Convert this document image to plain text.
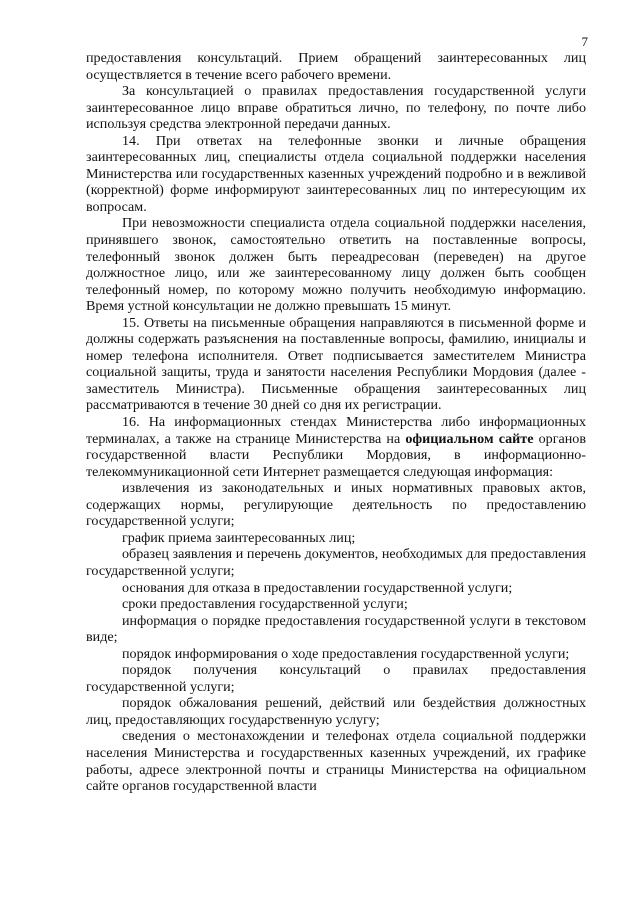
7

предоставления консультаций. Прием обращений заинтересованных лиц осуществляется в течение всего рабочего времени.

За консультацией о правилах предоставления государственной услуги заинтересованное лицо вправе обратиться лично, по телефону, по почте либо используя средства электронной передачи данных.

14. При ответах на телефонные звонки и личные обращения заинтересованных лиц, специалисты отдела социальной поддержки населения Министерства или государственных казенных учреждений подробно и в вежливой (корректной) форме информируют заинтересованных лиц по интересующим их вопросам.

При невозможности специалиста отдела социальной поддержки населения, принявшего звонок, самостоятельно ответить на поставленные вопросы, телефонный звонок должен быть переадресован (переведен) на другое должностное лицо, или же заинтересованному лицу должен быть сообщен телефонный номер, по которому можно получить необходимую информацию. Время устной консультации не должно превышать 15 минут.

15. Ответы на письменные обращения направляются в письменной форме и должны содержать разъяснения на поставленные вопросы, фамилию, инициалы и номер телефона исполнителя. Ответ подписывается заместителем Министра социальной защиты, труда и занятости населения Республики Мордовия (далее - заместитель Министра). Письменные обращения заинтересованных лиц рассматриваются в течение 30 дней со дня их регистрации.

16. На информационных стендах Министерства либо информационных терминалах, а также на странице Министерства на официальном сайте органов государственной власти Республики Мордовия, в информационно-телекоммуникационной сети Интернет размещается следующая информация:

извлечения из законодательных и иных нормативных правовых актов, содержащих нормы, регулирующие деятельность по предоставлению государственной услуги;

график приема заинтересованных лиц;

образец заявления и перечень документов, необходимых для предоставления государственной услуги;

основания для отказа в предоставлении государственной услуги;

сроки предоставления государственной услуги;

информация о порядке предоставления государственной услуги в текстовом виде;

порядок информирования о ходе предоставления государственной услуги;

порядок получения консультаций о правилах предоставления государственной услуги;

порядок обжалования решений, действий или бездействия должностных лиц, предоставляющих государственную услугу;

сведения о местонахождении и телефонах отдела социальной поддержки населения Министерства и государственных казенных учреждений, их графике работы, адресе электронной почты и страницы Министерства на официальном сайте органов государственной власти
